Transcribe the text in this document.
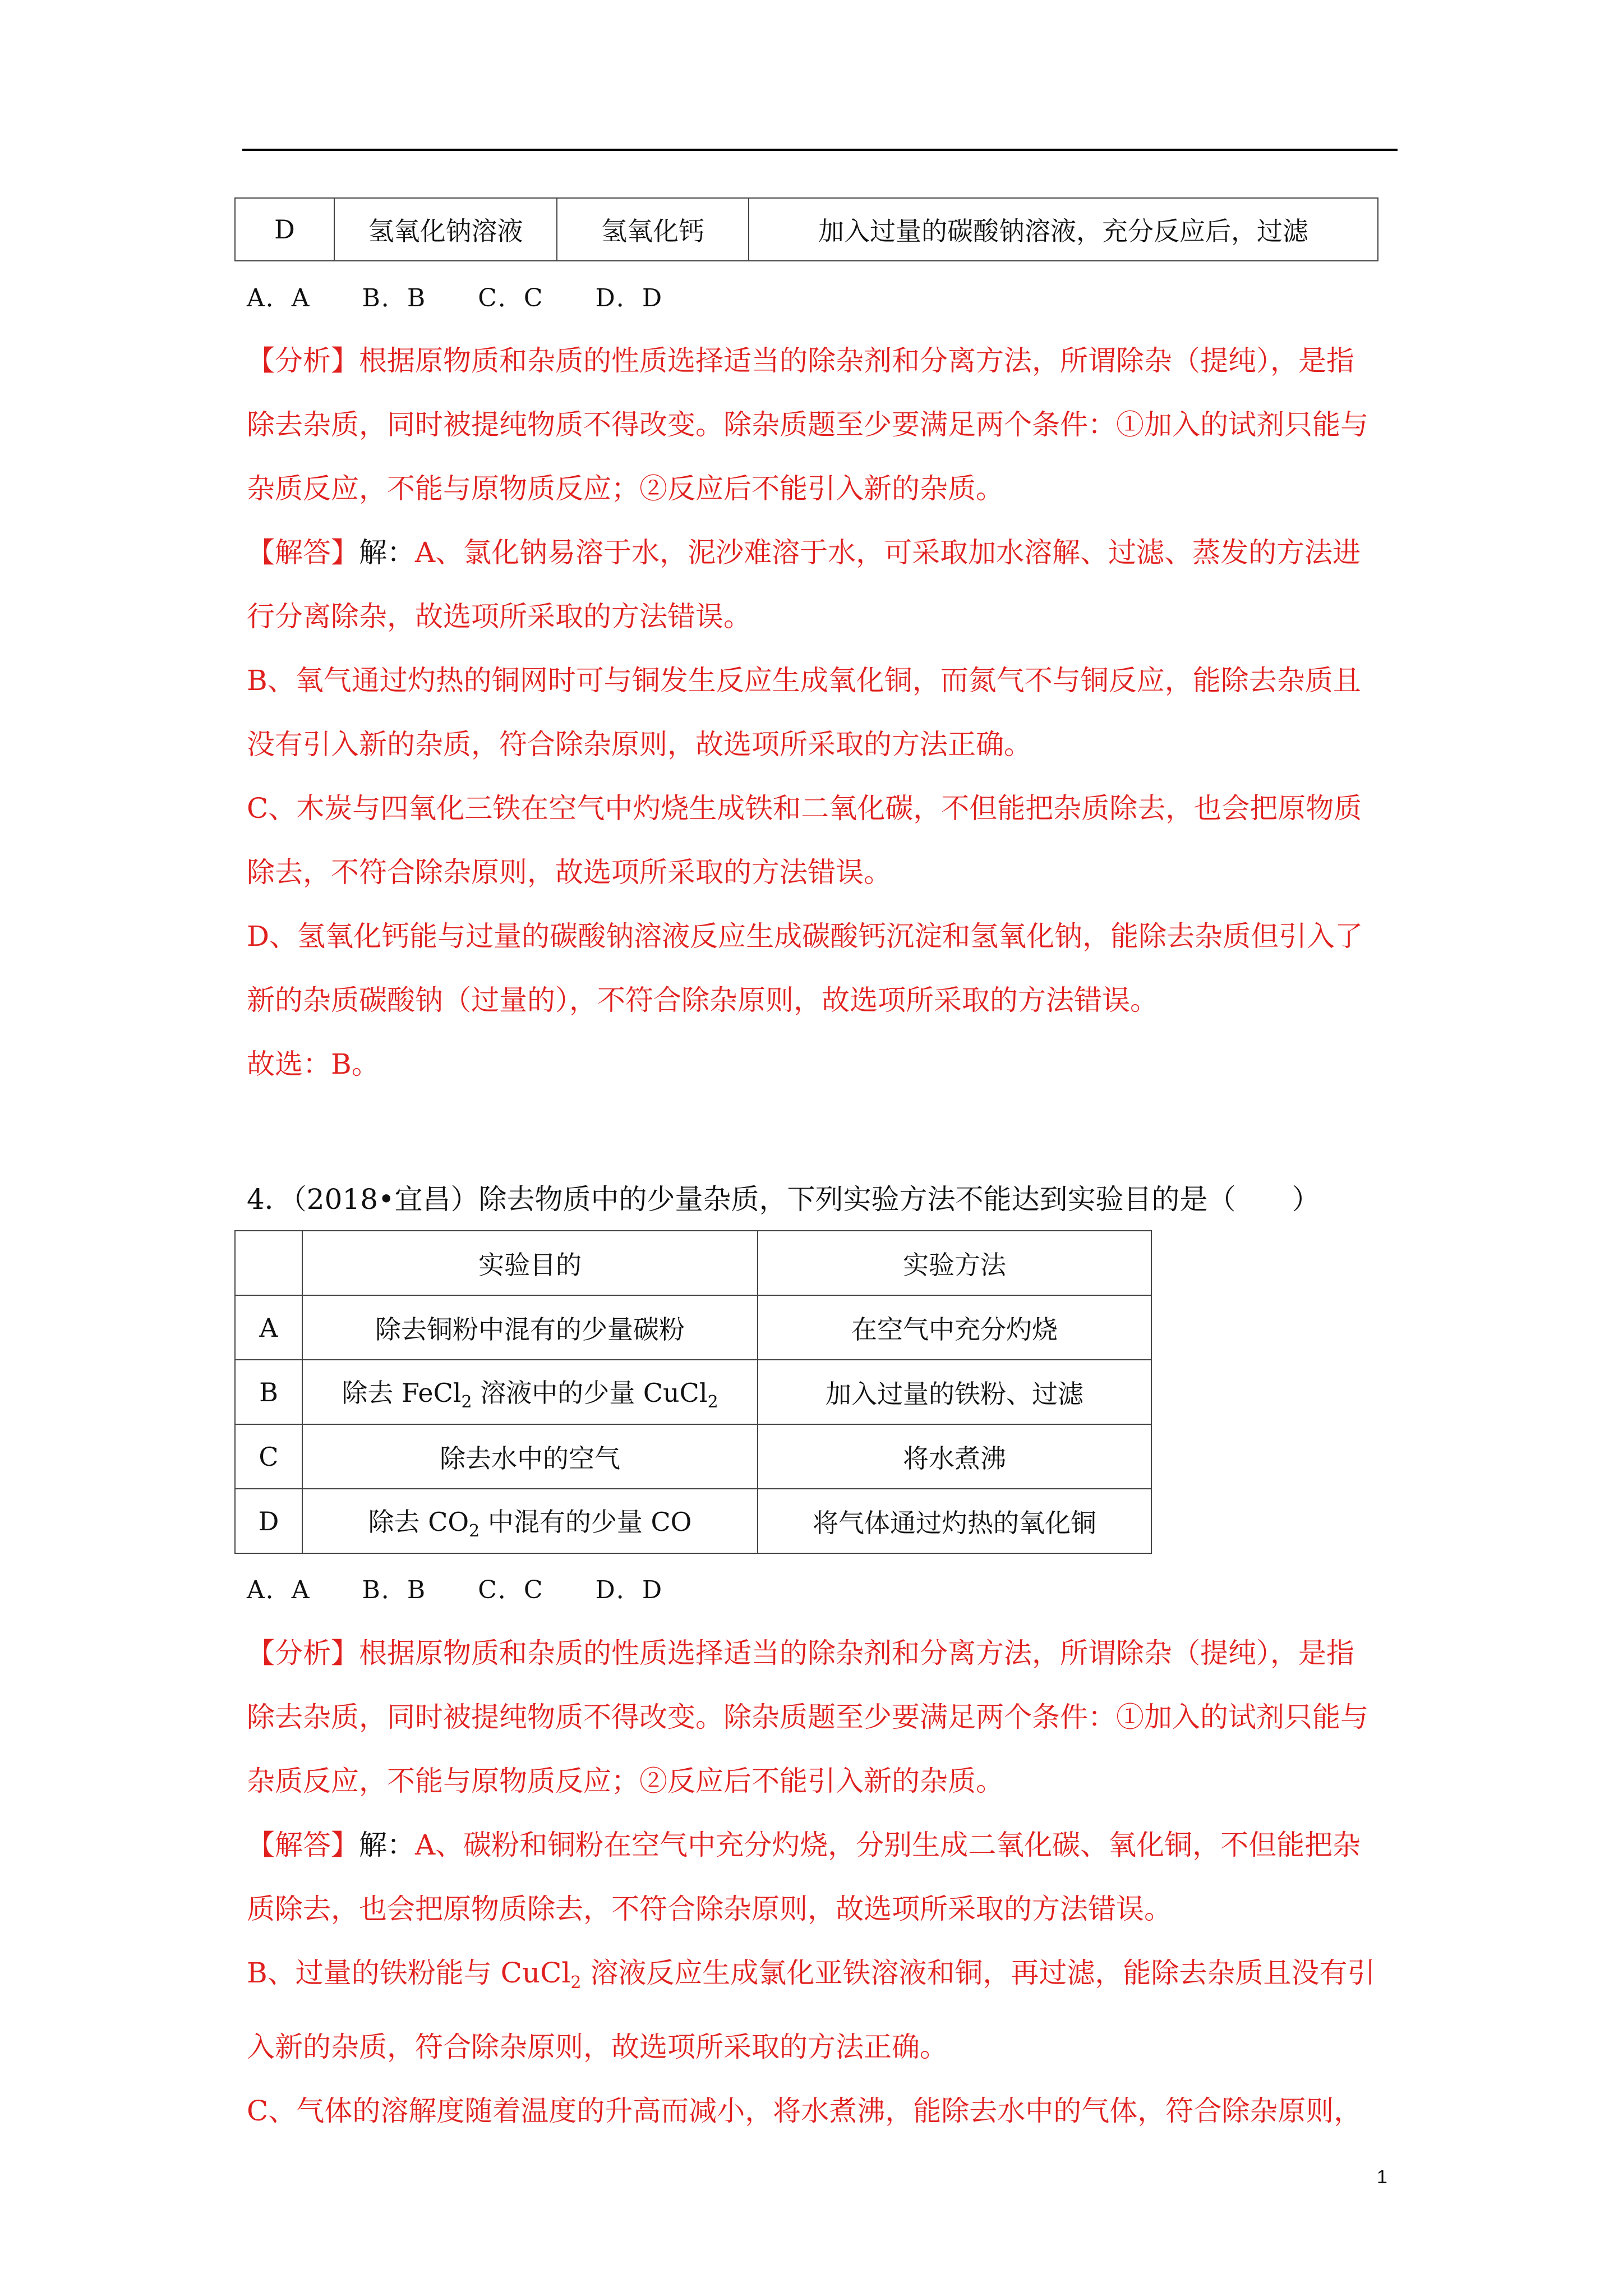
D	氢氧化钠溶液	氢氧化钙	加入过量的碳酸钠溶液，充分反应后，过滤
A．A　　B．B　　C．C　　D．D
【分析】根据原物质和杂质的性质选择适当的除杂剂和分离方法，所谓除杂（提纯），是指
除去杂质，同时被提纯物质不得改变。除杂质题至少要满足两个条件：①加入的试剂只能与
杂质反应，不能与原物质反应；②反应后不能引入新的杂质。
【解答】解：A、氯化钠易溶于水，泥沙难溶于水，可采取加水溶解、过滤、蒸发的方法进
行分离除杂，故选项所采取的方法错误。
B、氧气通过灼热的铜网时可与铜发生反应生成氧化铜，而氮气不与铜反应，能除去杂质且
没有引入新的杂质，符合除杂原则，故选项所采取的方法正确。
C、木炭与四氧化三铁在空气中灼烧生成铁和二氧化碳，不但能把杂质除去，也会把原物质
除去，不符合除杂原则，故选项所采取的方法错误。
D、氢氧化钙能与过量的碳酸钠溶液反应生成碳酸钙沉淀和氢氧化钠，能除去杂质但引入了
新的杂质碳酸钠（过量的），不符合除杂原则，故选项所采取的方法错误。
故选：B。
4．（2018•宜昌）除去物质中的少量杂质，下列实验方法不能达到实验目的是（　　）
	实验目的	实验方法
A	除去铜粉中混有的少量碳粉	在空气中充分灼烧
B	除去 FeCl$_2$ 溶液中的少量 CuCl$_2$	加入过量的铁粉、过滤
C	除去水中的空气	将水煮沸
D	除去 $CO_2$ 中混有的少量 CO	将气体通过灼热的氧化铜
A．A　　B．B　　C．C　　D．D
【分析】根据原物质和杂质的性质选择适当的除杂剂和分离方法，所谓除杂（提纯），是指
除去杂质，同时被提纯物质不得改变。除杂质题至少要满足两个条件：①加入的试剂只能与
杂质反应，不能与原物质反应；②反应后不能引入新的杂质。
【解答】解：A、碳粉和铜粉在空气中充分灼烧，分别生成二氧化碳、氧化铜，不但能把杂
质除去，也会把原物质除去，不符合除杂原则，故选项所采取的方法错误。
B、过量的铁粉能与 CuCl$_2$ 溶液反应生成氯化亚铁溶液和铜，再过滤，能除去杂质且没有引
入新的杂质，符合除杂原则，故选项所采取的方法正确。
C、气体的溶解度随着温度的升高而减小，将水煮沸，能除去水中的气体，符合除杂原则，
1
